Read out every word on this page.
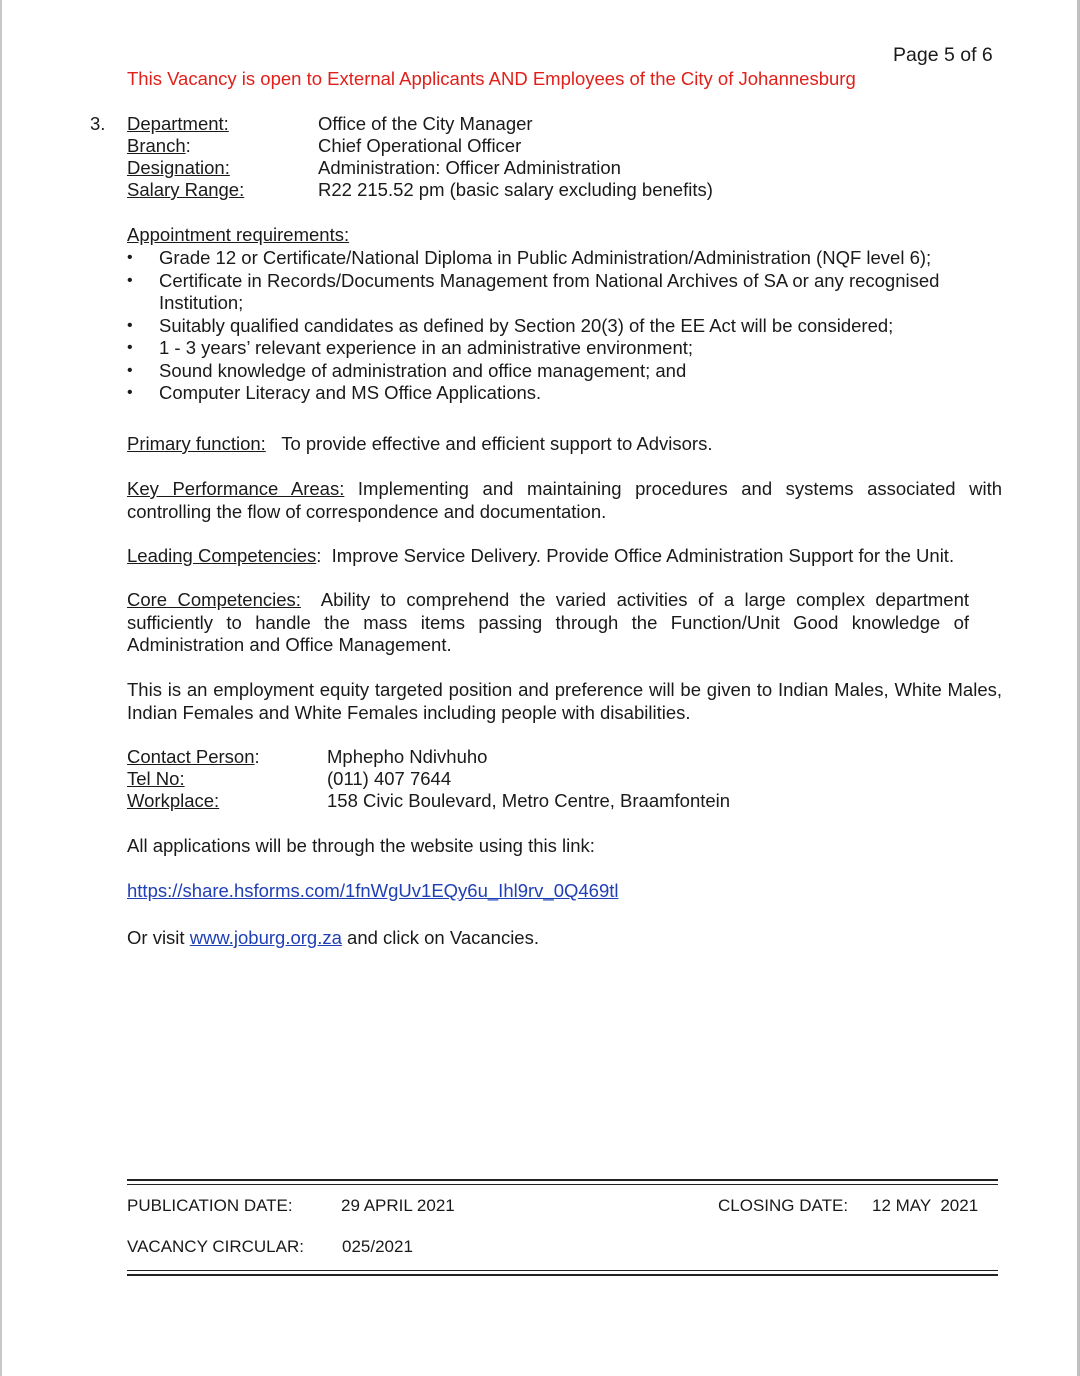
Page 5 of 6
This Vacancy is open to External Applicants AND Employees of the City of Johannesburg
3. Department:	Office of the City Manager
Branch:	Chief Operational Officer
Designation:	Administration: Officer Administration
Salary Range:	R22 215.52 pm (basic salary excluding benefits)
Appointment requirements:
• Grade 12 or Certificate/National Diploma in Public Administration/Administration (NQF level 6);
• Certificate in Records/Documents Management from National Archives of SA or any recognised Institution;
• Suitably qualified candidates as defined by Section 20(3) of the EE Act will be considered;
• 1 - 3 years’ relevant experience in an administrative environment;
• Sound knowledge of administration and office management; and
• Computer Literacy and MS Office Applications.
Primary function: To provide effective and efficient support to Advisors.
Key Performance Areas: Implementing and maintaining procedures and systems associated with controlling the flow of correspondence and documentation.
Leading Competencies:  Improve Service Delivery. Provide Office Administration Support for the Unit.
Core Competencies: Ability to comprehend the varied activities of a large complex department sufficiently to handle the mass items passing through the Function/Unit Good knowledge of Administration and Office Management.
This is an employment equity targeted position and preference will be given to Indian Males, White Males, Indian Females and White Females including people with disabilities.
Contact Person:	Mphepho Ndivhuho
Tel No:	(011) 407 7644
Workplace:	158 Civic Boulevard, Metro Centre, Braamfontein
All applications will be through the website using this link:
https://share.hsforms.com/1fnWgUv1EQy6u_Ihl9rv_0Q469tl
Or visit www.joburg.org.za and click on Vacancies.
PUBLICATION DATE:	29 APRIL 2021	CLOSING DATE: 12 MAY  2021
VACANCY CIRCULAR: 025/2021
